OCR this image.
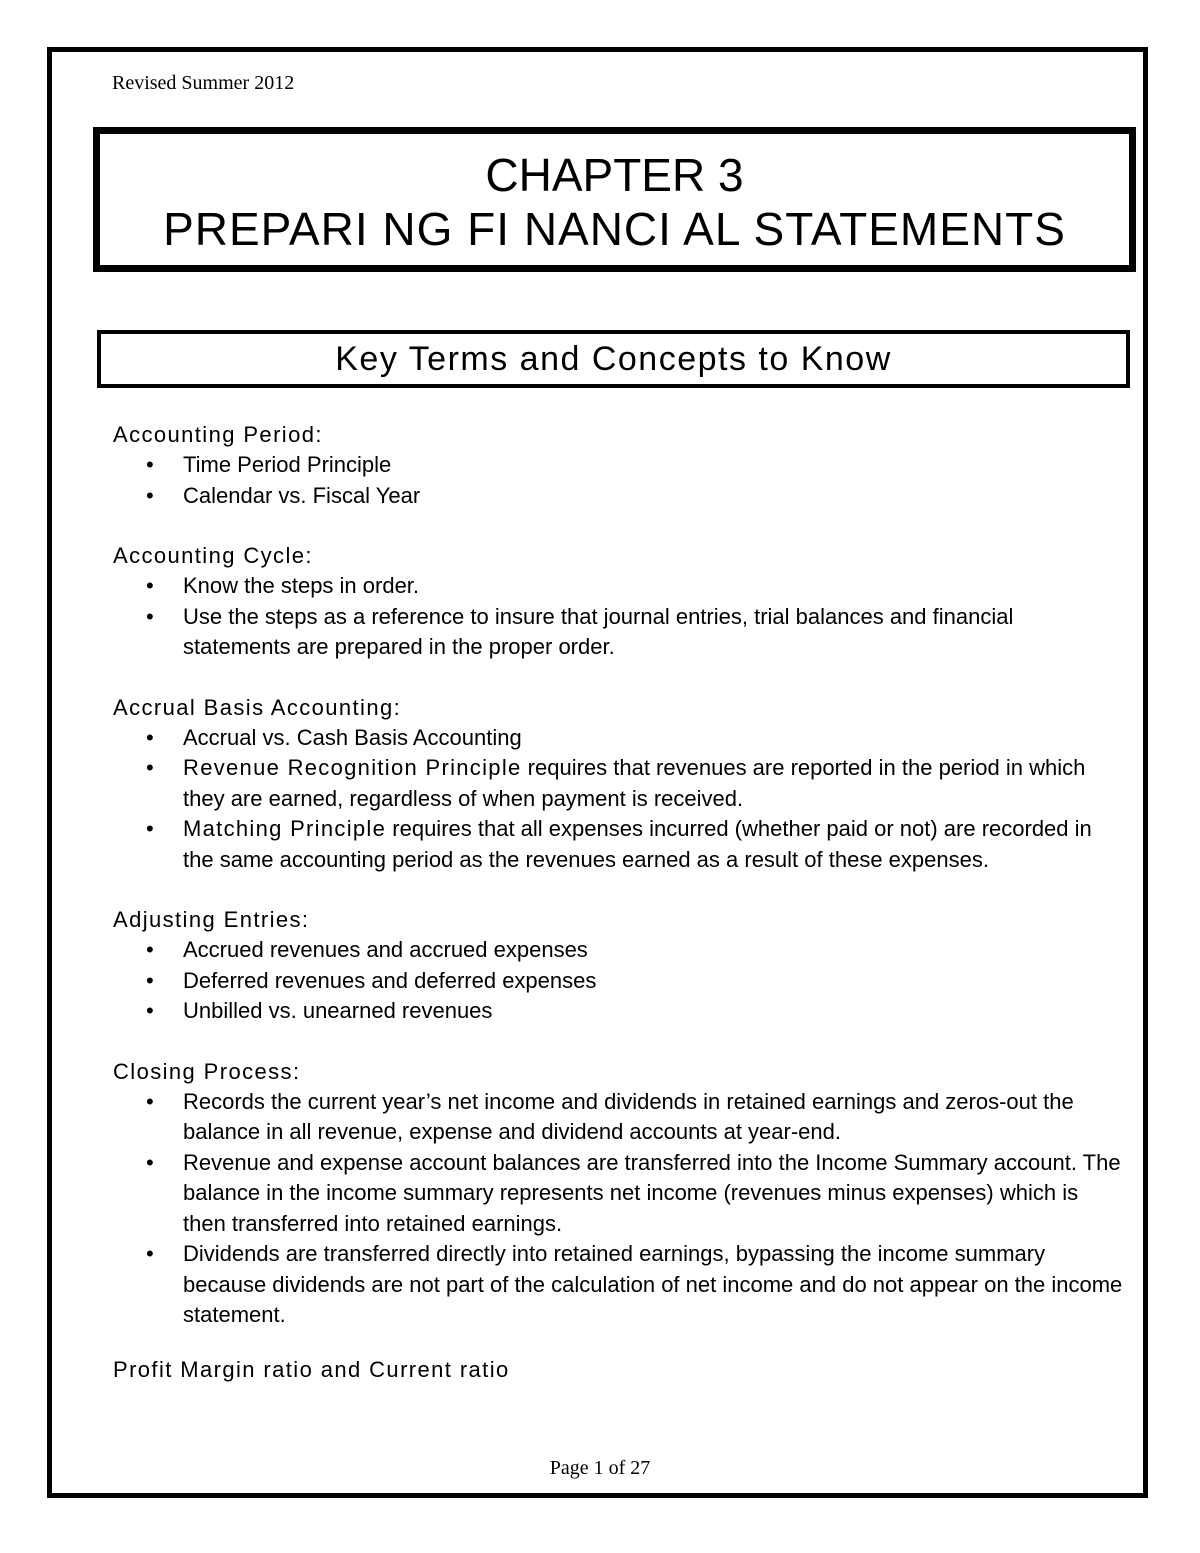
Revised Summer 2012
CHAPTER 3
PREPARI NG FI NANCI AL STATEMENTS
Key Terms and Concepts to Know
Accounting Period:
• Time Period Principle
• Calendar vs. Fiscal Year
Accounting Cycle:
• Know the steps in order.
• Use the steps as a reference to insure that journal entries, trial balances and financial statements are prepared in the proper order.
Accrual Basis Accounting:
• Accrual vs. Cash Basis Accounting
• Revenue Recognition Principle requires that revenues are reported in the period in which they are earned, regardless of when payment is received.
• Matching Principle requires that all expenses incurred (whether paid or not) are recorded in the same accounting period as the revenues earned as a result of these expenses.
Adjusting Entries:
• Accrued revenues and accrued expenses
• Deferred revenues and deferred expenses
• Unbilled vs. unearned revenues
Closing Process:
• Records the current year’s net income and dividends in retained earnings and zeros-out the balance in all revenue, expense and dividend accounts at year-end.
• Revenue and expense account balances are transferred into the Income Summary account. The balance in the income summary represents net income (revenues minus expenses) which is then transferred into retained earnings.
• Dividends are transferred directly into retained earnings, bypassing the income summary because dividends are not part of the calculation of net income and do not appear on the income statement.
Profit Margin ratio and Current ratio
Page 1 of 27
